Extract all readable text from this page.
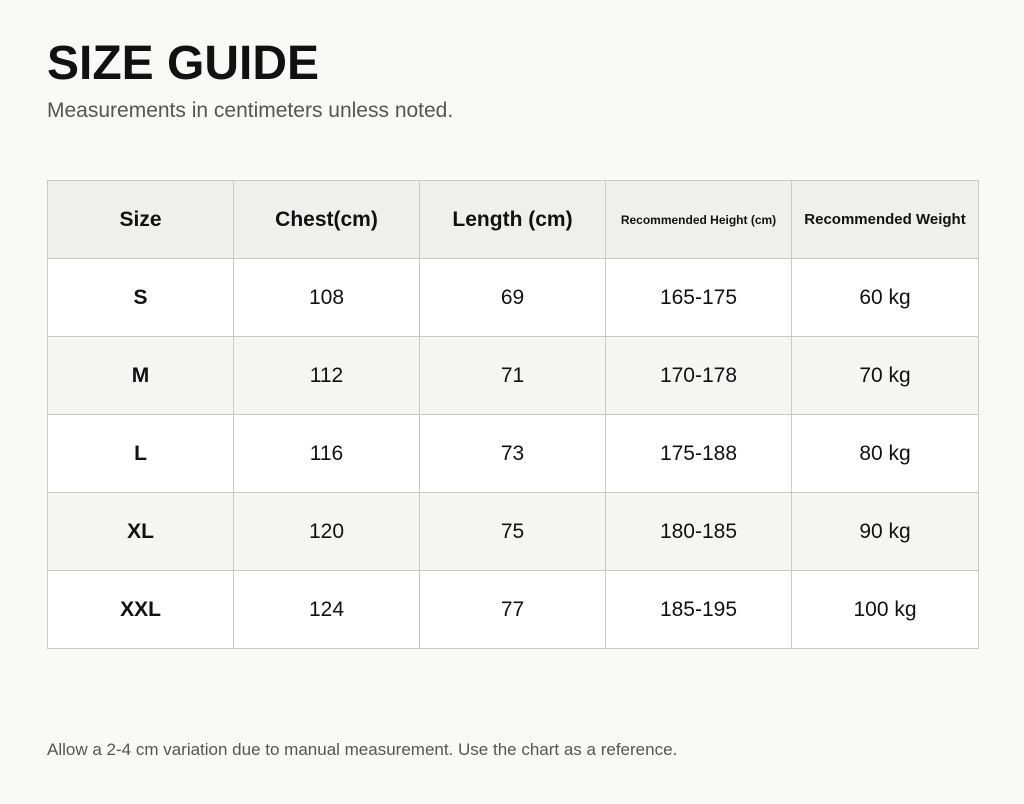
SIZE GUIDE

Measurements in centimeters unless noted.

Size	Chest(cm)	Length (cm)	Recommended Height (cm)	Recommended Weight
S	108	69	165-175	60 kg
M	112	71	170-178	70 kg
L	116	73	175-188	80 kg
XL	120	75	180-185	90 kg
XXL	124	77	185-195	100 kg

Allow a 2-4 cm variation due to manual measurement. Use the chart as a reference.
